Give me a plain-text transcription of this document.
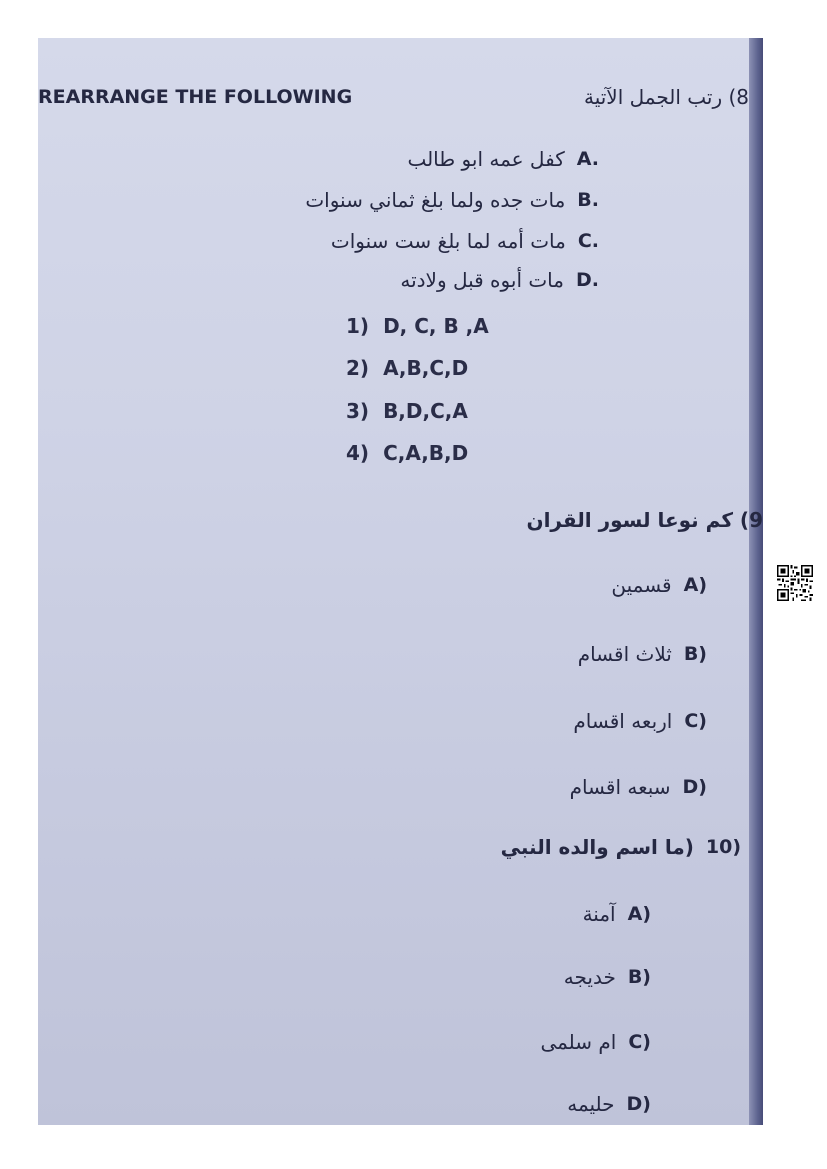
REARRANGE THE FOLLOWING	8) رتب الجمل الآتية
A.
كفل عمه ابو طالب
B.
مات جده ولما بلغ ثماني سنوات
C.
مات أمه لما بلغ ست سنوات
D.
مات أبوه قبل ولادته
1) D, C, B ,A
2) A,B,C,D
3) B,D,C,A
4) C,A,B,D
9) كم نوعا لسور القران
A)
قسمين
B)
ثلاث اقسام
C)
اربعه اقسام
D)
سبعه اقسام
10)
(ما اسم والده النبي
A)
آمنة
B)
خديجه
C)
ام سلمى
D)
حليمه
